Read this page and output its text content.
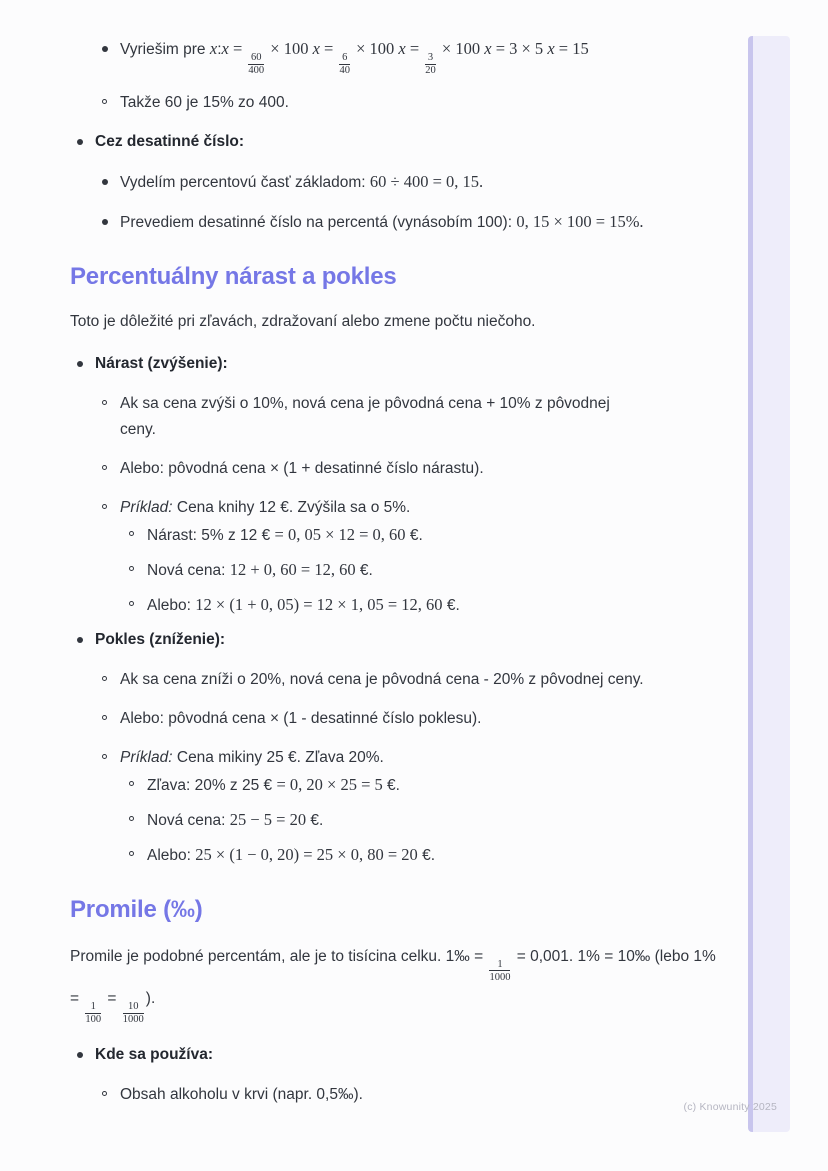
Vyriešim pre x:x =
$\frac{60}{400}$
× 100 x =
$\frac{6}{40}$
× 100 x =
$\frac{3}{20}$
× 100 x = 3 × 5 x = 15
Takže 60 je 15% zo 400.
Cez desatinné číslo:
Vydelím percentovú časť základom: 60 ÷ 400 = 0, 15.
Prevediem desatinné číslo na percentá (vynásobím 100): 0, 15 × 100 = 15%.
Percentuálny nárast a pokles
Toto je dôležité pri zľavách, zdražovaní alebo zmene počtu niečoho.
Nárast (zvýšenie):
Ak sa cena zvýši o 10%, nová cena je pôvodná cena + 10% z pôvodnej ceny.
Alebo: pôvodná cena × (1 + desatinné číslo nárastu).
Príklad: Cena knihy 12 €. Zvýšila sa o 5%.
Nárast: 5% z 12 € = 0, 05 × 12 = 0, 60 €.
Nová cena: 12 + 0, 60 = 12, 60 €.
Alebo: 12 × (1 + 0, 05) = 12 × 1, 05 = 12, 60 €.
Pokles (zníženie):
Ak sa cena zníži o 20%, nová cena je pôvodná cena - 20% z pôvodnej ceny.
Alebo: pôvodná cena × (1 - desatinné číslo poklesu).
Príklad: Cena mikiny 25 €. Zľava 20%.
Zľava: 20% z 25 € = 0, 20 × 25 = 5 €.
Nová cena: 25 − 5 = 20 €.
Alebo: 25 × (1 − 0, 20) = 25 × 0, 80 = 20 €.
Promile (‰)
Promile je podobné percentám, ale je to tisícina celku. 1‰ =
$\frac{1}{1000}$
= 0,001. 1% = 10‰ (lebo 1% =
$\frac{1}{100}$
=
$\frac{10}{1000}$
).
Kde sa používa:
Obsah alkoholu v krvi (napr. 0,5‰).
(c) Knowunity 2025
